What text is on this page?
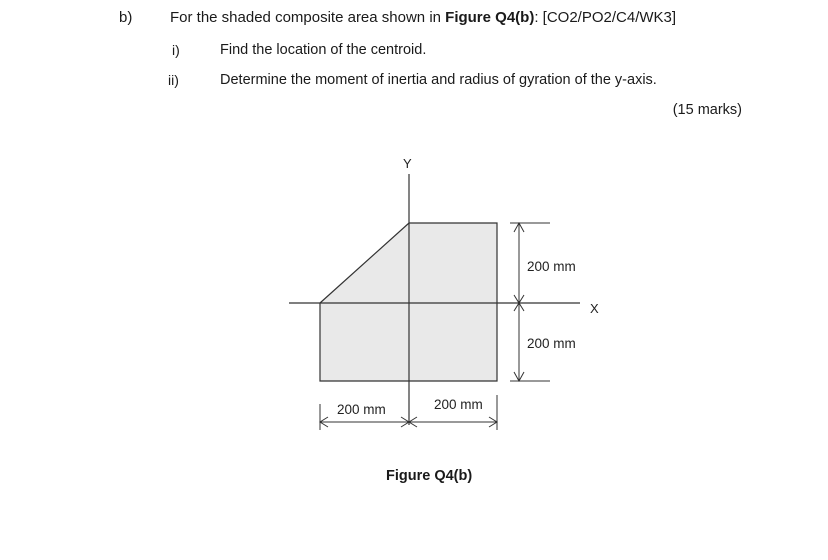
b)	For the shaded composite area shown in Figure Q4(b): [CO2/PO2/C4/WK3]
i)	Find the location of the centroid.
ii)	Determine the moment of inertia and radius of gyration of the y-axis.
(15 marks)
Y
X
200 mm
200 mm
200 mm	200 mm
Figure Q4(b)
